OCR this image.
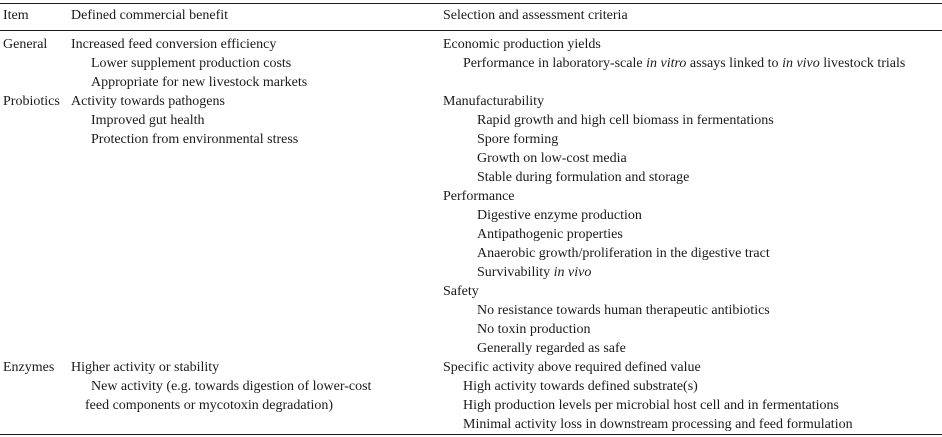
Item	Defined commercial benefit	Selection and assessment criteria
General Increased feed conversion efficiency
Lower supplement production costs
Appropriate for new livestock markets
Economic production yields
Performance in laboratory-scale in vitro assays linked to in vivo livestock trials
Probiotics Activity towards pathogens
Improved gut health
Protection from environmental stress
Manufacturability
Rapid growth and high cell biomass in fermentations
Spore forming
Growth on low-cost media
Stable during formulation and storage
Performance
Digestive enzyme production
Antipathogenic properties
Anaerobic growth/proliferation in the digestive tract
Survivability in vivo
Safety
No resistance towards human therapeutic antibiotics
No toxin production
Generally regarded as safe
Enzymes Higher activity or stability
New activity (e.g. towards digestion of lower-cost
feed components or mycotoxin degradation)
Specific activity above required defined value
High activity towards defined substrate(s)
High production levels per microbial host cell and in fermentations
Minimal activity loss in downstream processing and feed formulation
